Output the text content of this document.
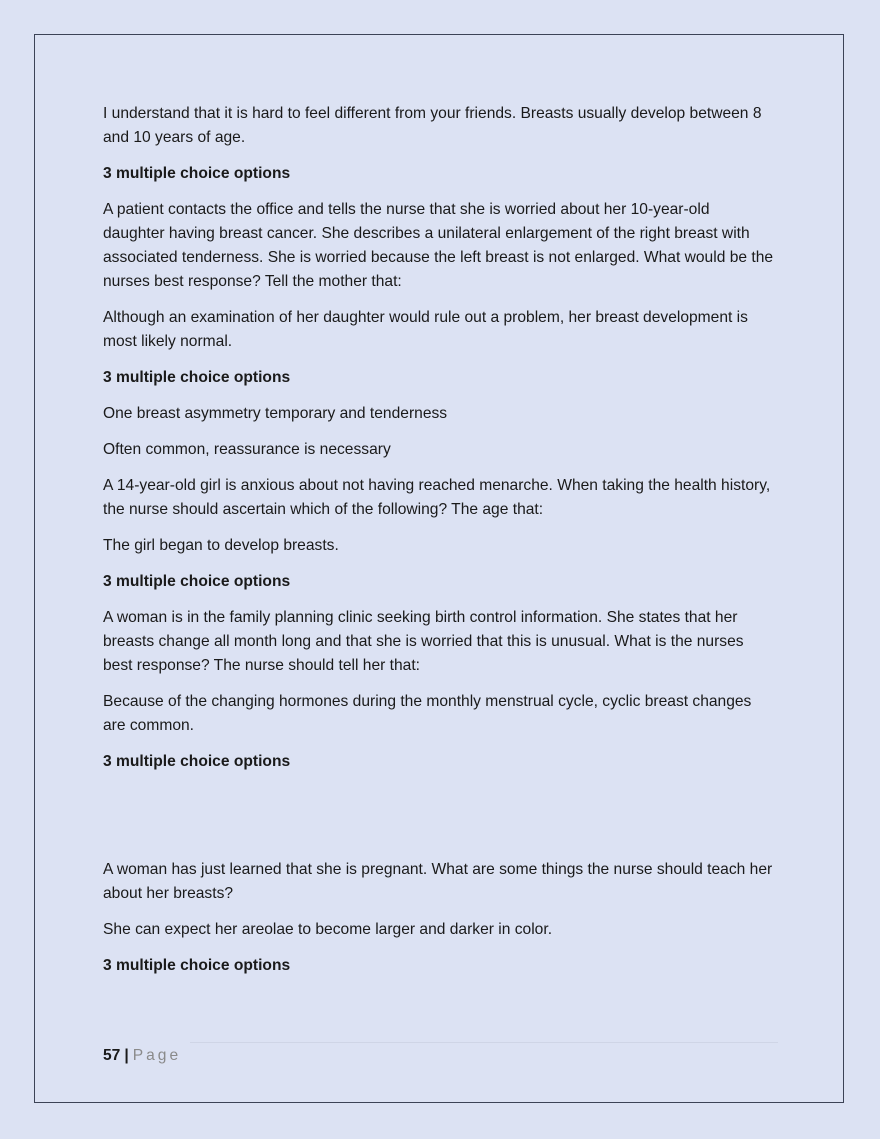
I understand that it is hard to feel different from your friends. Breasts usually develop between 8 and 10 years of age.

3 multiple choice options

A patient contacts the office and tells the nurse that she is worried about her 10-year-old daughter having breast cancer. She describes a unilateral enlargement of the right breast with associated tenderness. She is worried because the left breast is not enlarged. What would be the nurses best response? Tell the mother that:

Although an examination of her daughter would rule out a problem, her breast development is most likely normal.

3 multiple choice options

One breast asymmetry temporary and tenderness

Often common, reassurance is necessary

A 14-year-old girl is anxious about not having reached menarche. When taking the health history, the nurse should ascertain which of the following? The age that:

The girl began to develop breasts.

3 multiple choice options

A woman is in the family planning clinic seeking birth control information. She states that her breasts change all month long and that she is worried that this is unusual. What is the nurses best response? The nurse should tell her that:

Because of the changing hormones during the monthly menstrual cycle, cyclic breast changes are common.

3 multiple choice options

A woman has just learned that she is pregnant. What are some things the nurse should teach her about her breasts?

She can expect her areolae to become larger and darker in color.

3 multiple choice options

57 | Page
